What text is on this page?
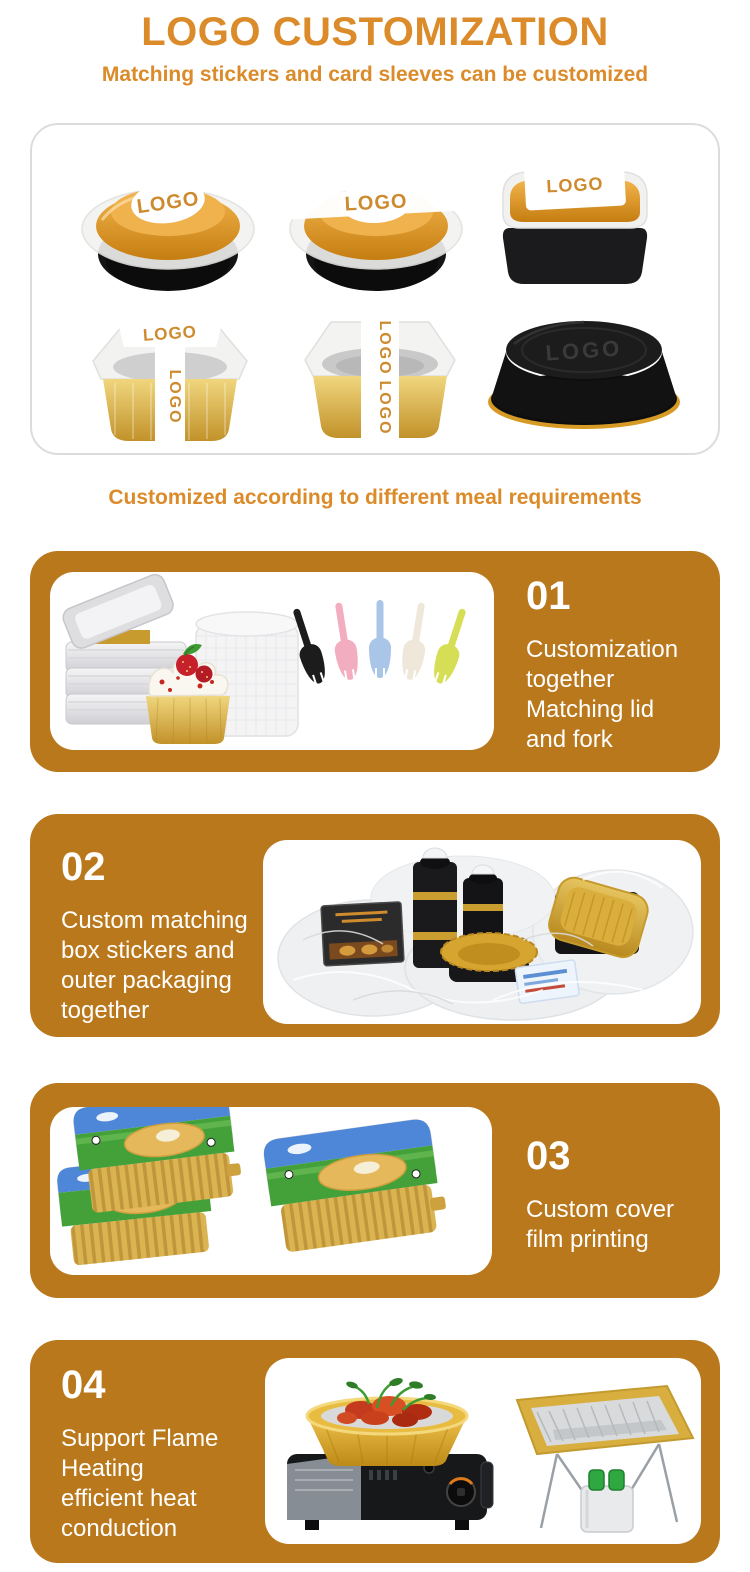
LOGO CUSTOMIZATION
Matching stickers and card sleeves can be customized
LOGO	LOGO
LOGO
LOGO
LOGO
LOGO
LOGO
LOGO
Customized according to different meal requirements
01
Customization
together
Matching lid
and fork
02
Custom matching
box stickers and
outer packaging
together
03
Custom cover
film printing
04
Support Flame
Heating
efficient heat
conduction
